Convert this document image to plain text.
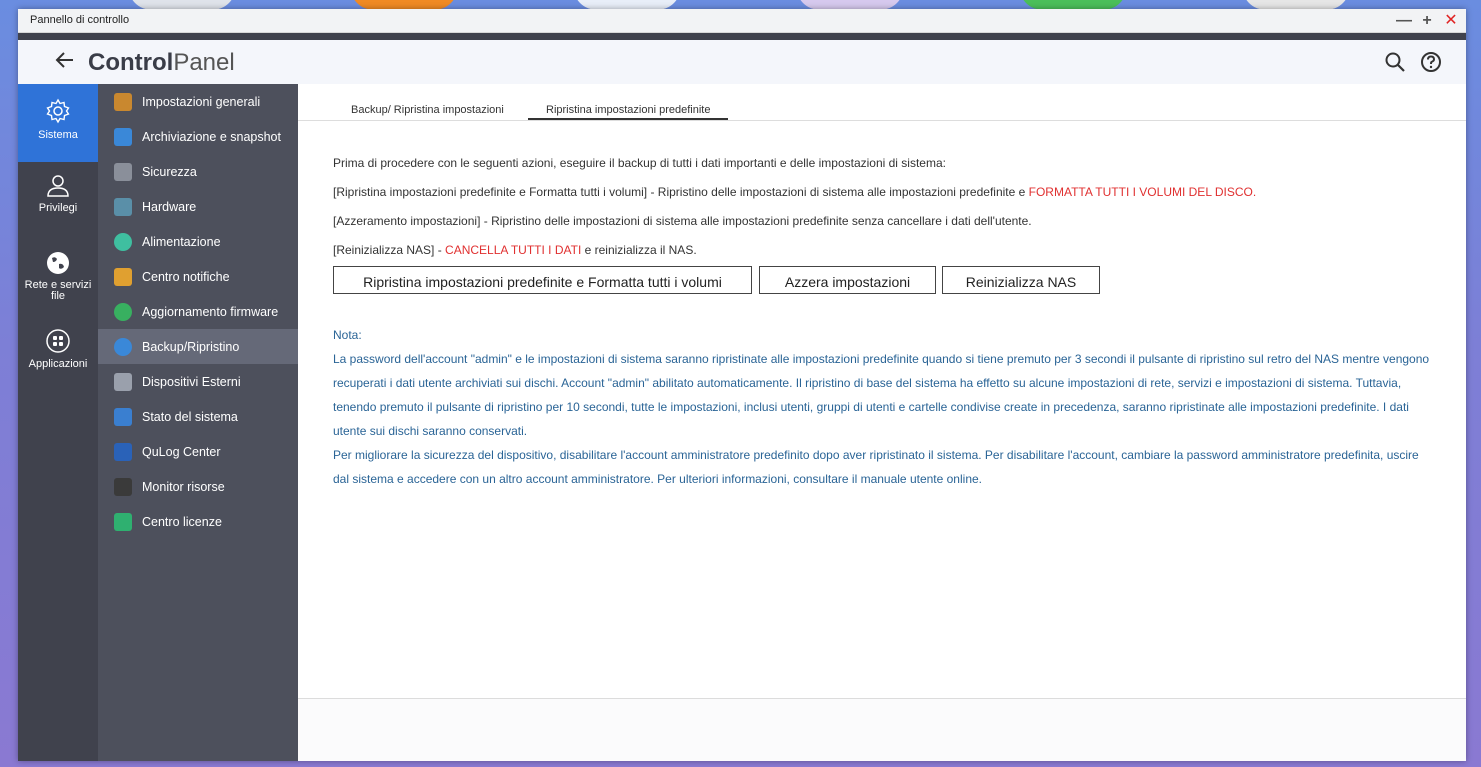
Pannello di controllo	— + ✕
ControlPanel
Sistema
Privilegi
Rete e servizi
file
Applicazioni
Impostazioni generali
Archiviazione e snapshot
Sicurezza
Hardware
Alimentazione
Centro notifiche
Aggiornamento firmware
Backup/Ripristino
Dispositivi Esterni
Stato del sistema
QuLog Center
Monitor risorse
Centro licenze
Backup/ Ripristina impostazioni	Ripristina impostazioni predefinite
Prima di procedere con le seguenti azioni, eseguire il backup di tutti i dati importanti e delle impostazioni di sistema:
[Ripristina impostazioni predefinite e Formatta tutti i volumi] - Ripristino delle impostazioni di sistema alle impostazioni predefinite e FORMATTA TUTTI I VOLUMI DEL DISCO.
[Azzeramento impostazioni] - Ripristino delle impostazioni di sistema alle impostazioni predefinite senza cancellare i dati dell'utente.
[Reinizializza NAS] - CANCELLA TUTTI I DATI e reinizializza il NAS.
Ripristina impostazioni predefinite e Formatta tutti i volumi	Azzera impostazioni	Reinizializza NAS
Nota:
La password dell'account "admin" e le impostazioni di sistema saranno ripristinate alle impostazioni predefinite quando si tiene premuto per 3 secondi il pulsante di ripristino sul retro del NAS mentre vengono recuperati i dati utente archiviati sui dischi. Account "admin" abilitato automaticamente. Il ripristino di base del sistema ha effetto su alcune impostazioni di rete, servizi e impostazioni di sistema. Tuttavia, tenendo premuto il pulsante di ripristino per 10 secondi, tutte le impostazioni, inclusi utenti, gruppi di utenti e cartelle condivise create in precedenza, saranno ripristinate alle impostazioni predefinite. I dati utente sui dischi saranno conservati.
Per migliorare la sicurezza del dispositivo, disabilitare l'account amministratore predefinito dopo aver ripristinato il sistema. Per disabilitare l'account, cambiare la password amministratore predefinita, uscire dal sistema e accedere con un altro account amministratore. Per ulteriori informazioni, consultare il manuale utente online.
